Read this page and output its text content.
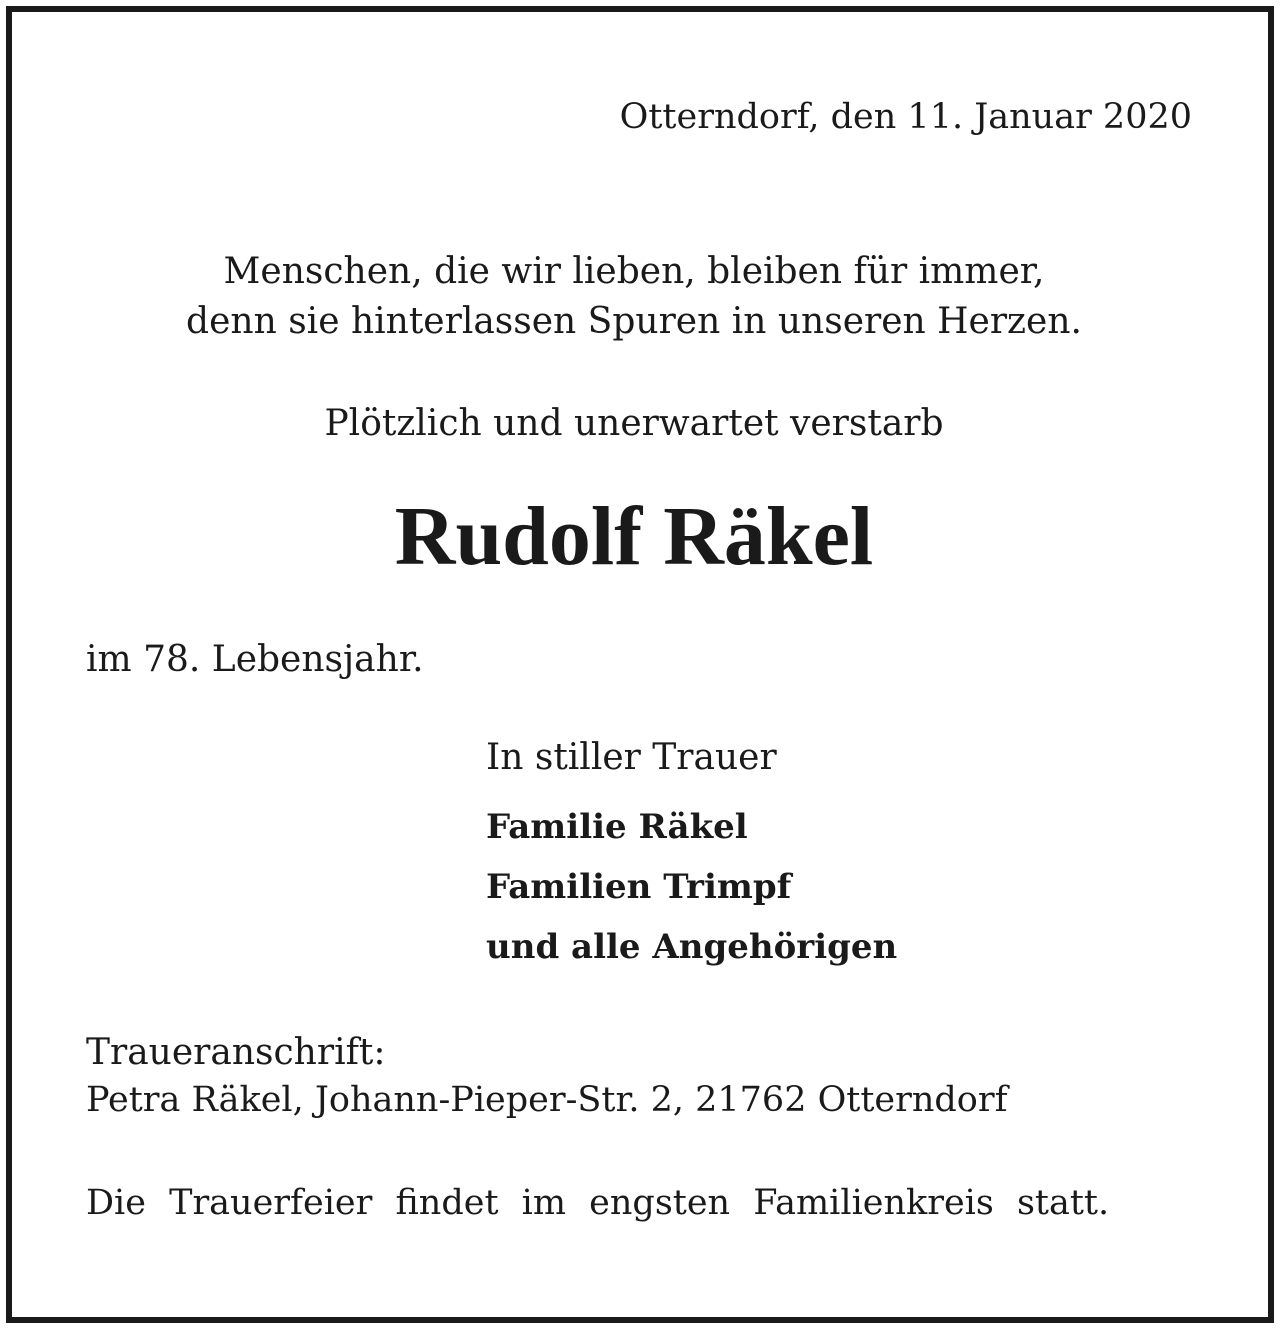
Otterndorf, den 11. Januar 2020
Menschen, die wir lieben, bleiben für immer,
denn sie hinterlassen Spuren in unseren Herzen.
Plötzlich und unerwartet verstarb
Rudolf Räkel
im 78. Lebensjahr.
In stiller Trauer
Familie Räkel
Familien Trimpf
und alle Angehörigen
Traueranschrift:
Petra Räkel, Johann-Pieper-Str. 2, 21762 Otterndorf
Die Trauerfeier findet im engsten Familienkreis statt.
